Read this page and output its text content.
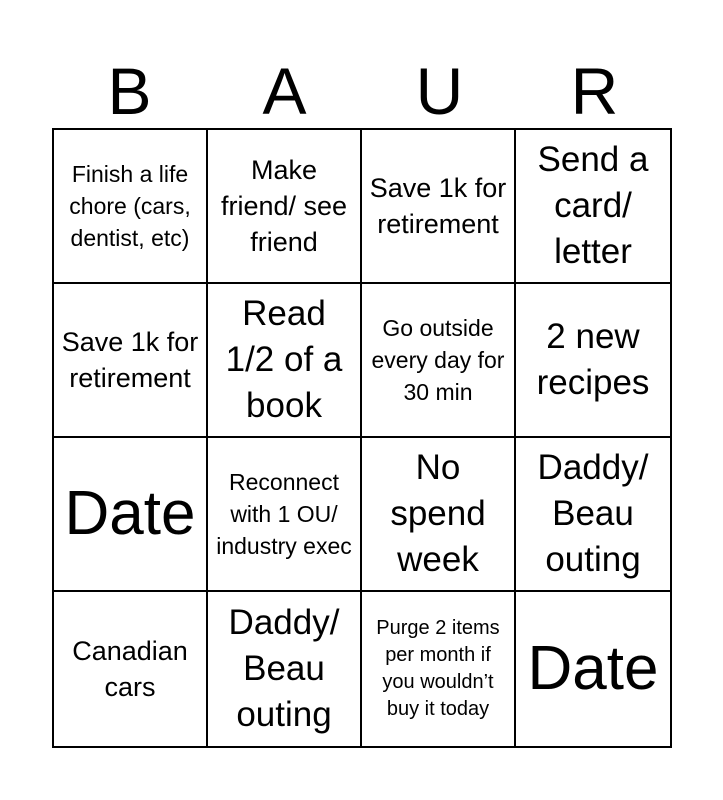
B	A	U	R
Finish a life chore (cars, dentist, etc)
Make friend/ see friend
Save 1k for retirement
Send a card/ letter
Save 1k for retirement
Read 1/2 of a book
Go outside every day for 30 min
2 new recipes
Date	Reconnect with 1 OU/ industry exec
No spend week
Daddy/ Beau outing
Canadian cars
Daddy/ Beau outing
Purge 2 items per month if you wouldn’t buy it today
Date
